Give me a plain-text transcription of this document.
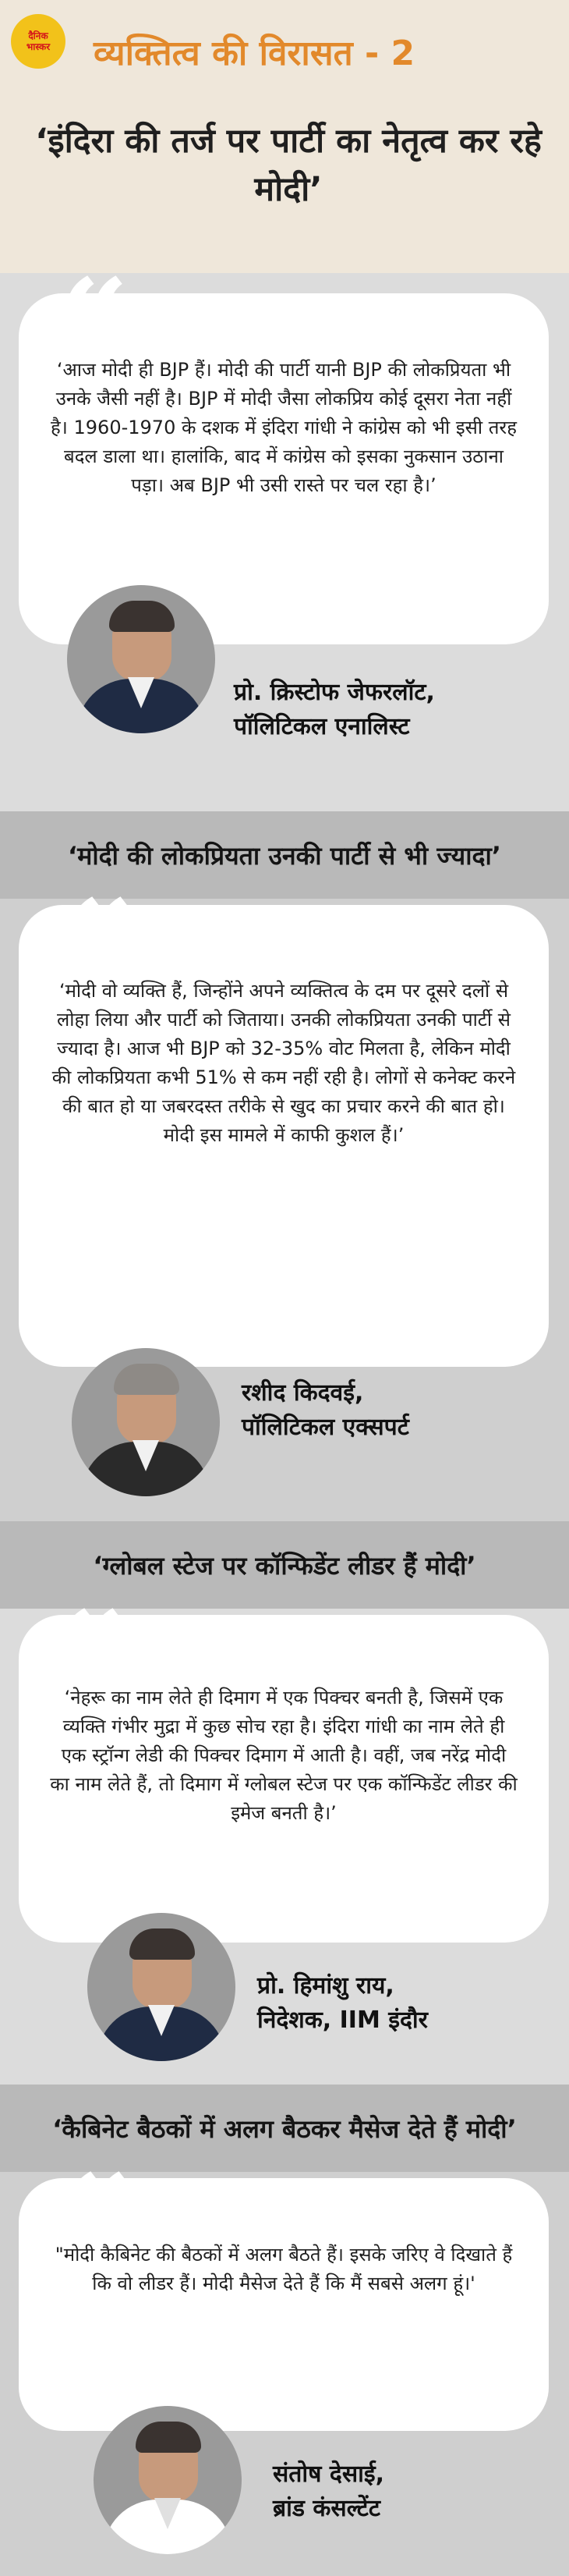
दैनिक
भास्कर व्यक्तित्व की विरासत - 2
‘इंदिरा की तर्ज पर पार्टी का नेतृत्व कर रहे मोदी’
‘आज मोदी ही BJP हैं। मोदी की पार्टी यानी BJP की लोकप्रियता भी उनके जैसी नहीं है। BJP में मोदी जैसा लोकप्रिय कोई दूसरा नेता नहीं है। 1960-1970 के दशक में इंदिरा गांधी ने कांग्रेस को भी इसी तरह बदल डाला था। हालांकि, बाद में कांग्रेस को इसका नुकसान उठाना पड़ा। अब BJP भी उसी रास्ते पर चल रहा है।’
“
”
प्रो. क्रिस्टोफ जेफरलॉट,
पॉलिटिकल एनालिस्ट
‘मोदी की लोकप्रियता उनकी पार्टी से भी ज्यादा’
‘मोदी वो व्यक्ति हैं, जिन्होंने अपने व्यक्तित्व के दम पर दूसरे दलों से लोहा लिया और पार्टी को जिताया। उनकी लोकप्रियता उनकी पार्टी से ज्यादा है। आज भी BJP को 32-35% वोट मिलता है, लेकिन मोदी की लोकप्रियता कभी 51% से कम नहीं रही है। लोगों से कनेक्ट करने की बात हो या जबरदस्त तरीके से खुद का प्रचार करने की बात हो। मोदी इस मामले में काफी कुशल हैं।’
“
”
रशीद किदवई,
पॉलिटिकल एक्सपर्ट
‘ग्लोबल स्टेज पर कॉन्फिडेंट लीडर हैं मोदी’
‘नेहरू का नाम लेते ही दिमाग में एक पिक्चर बनती है, जिसमें एक व्यक्ति गंभीर मुद्रा में कुछ सोच रहा है। इंदिरा गांधी का नाम लेते ही एक स्ट्रॉन्ग लेडी की पिक्चर दिमाग में आती है। वहीं, जब नरेंद्र मोदी का नाम लेते हैं, तो दिमाग में ग्लोबल स्टेज पर एक कॉन्फिडेंट लीडर की इमेज बनती है।’
“
”
प्रो. हिमांशु राय,
निदेशक, IIM इंदौर
‘कैबिनेट बैठकों में अलग बैठकर मैसेज देते हैं मोदी’
"मोदी कैबिनेट की बैठकों में अलग बैठते हैं। इसके जरिए वे दिखाते हैं कि वो लीडर हैं। मोदी मैसेज देते हैं कि मैं सबसे अलग हूं।'
“
”
संतोष देसाई,
ब्रांड कंसल्टेंट
